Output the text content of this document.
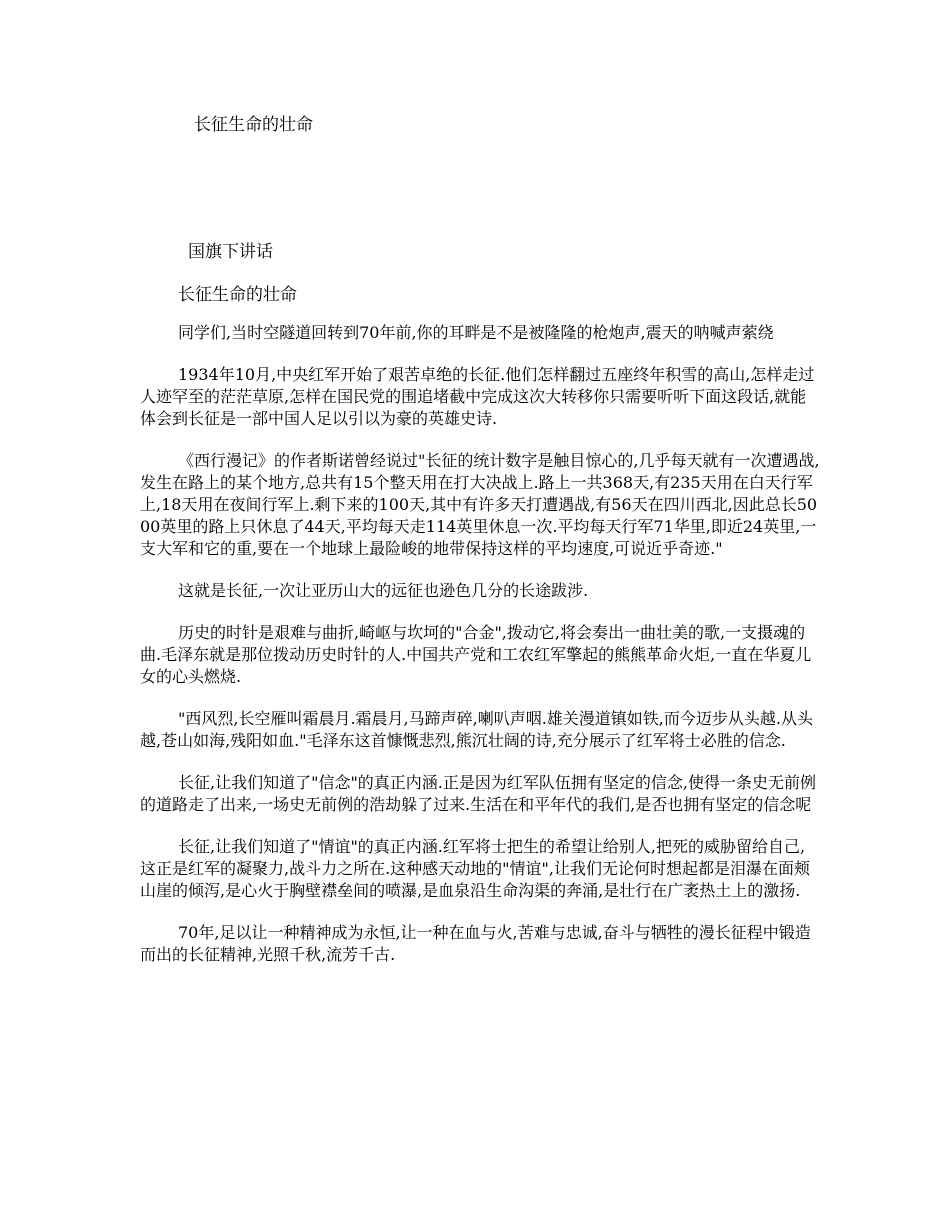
长征生命的壮命
国旗下讲话
长征生命的壮命

同学们,当时空隧道回转到70年前,你的耳畔是不是被隆隆的枪炮声,震天的呐喊声萦绕

1934年10月,中央红军开始了艰苦卓绝的长征.他们怎样翻过五座终年积雪的高山,怎样走过人迹罕至的茫茫草原,怎样在国民党的围追堵截中完成这次大转移你只需要听听下面这段话,就能体会到长征是一部中国人足以引以为豪的英雄史诗.

《西行漫记》的作者斯诺曾经说过"长征的统计数字是触目惊心的,几乎每天就有一次遭遇战,发生在路上的某个地方,总共有15个整天用在打大决战上.路上一共368天,有235天用在白天行军上,18天用在夜间行军上.剩下来的100天,其中有许多天打遭遇战,有56天在四川西北,因此总长5000英里的路上只休息了44天,平均每天走114英里休息一次.平均每天行军71华里,即近24英里,一支大军和它的重,要在一个地球上最险峻的地带保持这样的平均速度,可说近乎奇迹."

这就是长征,一次让亚历山大的远征也逊色几分的长途跋涉.

历史的时针是艰难与曲折,崎岖与坎坷的"合金",拨动它,将会奏出一曲壮美的歌,一支摄魂的曲.毛泽东就是那位拨动历史时针的人.中国共产党和工农红军擎起的熊熊革命火炬,一直在华夏儿女的心头燃烧.

"西风烈,长空雁叫霜晨月.霜晨月,马蹄声碎,喇叭声咽.雄关漫道镇如铁,而今迈步从头越.从头越,苍山如海,残阳如血."毛泽东这首慷慨悲烈,熊沉壮阔的诗,充分展示了红军将士必胜的信念.

长征,让我们知道了"信念"的真正内涵.正是因为红军队伍拥有坚定的信念,使得一条史无前例的道路走了出来,一场史无前例的浩劫躲了过来.生活在和平年代的我们,是否也拥有坚定的信念呢

长征,让我们知道了"情谊"的真正内涵.红军将士把生的希望让给别人,把死的威胁留给自己,这正是红军的凝聚力,战斗力之所在.这种感天动地的"情谊",让我们无论何时想起都是泪瀑在面颊山崖的倾泻,是心火于胸壁襟垒间的喷瀑,是血泉沿生命沟渠的奔涌,是壮行在广袤热土上的激扬.

70年,足以让一种精神成为永恒,让一种在血与火,苦难与忠诚,奋斗与牺牲的漫长征程中锻造而出的长征精神,光照千秋,流芳千古.
